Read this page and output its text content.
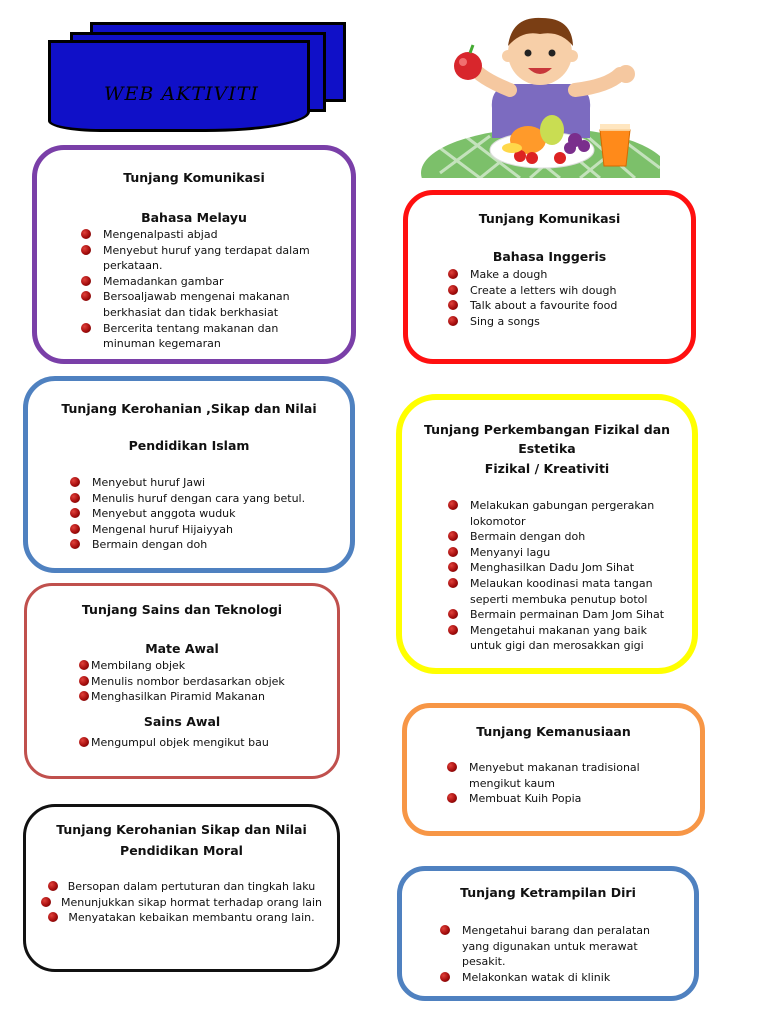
WEB AKTIVITI
Tunjang Komunikasi
Bahasa Melayu
Mengenalpasti abjad
Menyebut huruf yang terdapat dalam perkataan.
Memadankan gambar
Bersoaljawab mengenai makanan berkhasiat dan tidak berkhasiat
Bercerita tentang makanan dan minuman kegemaran
Tunjang Komunikasi
Bahasa Inggeris
Make a dough
Create a letters wih dough
Talk about a favourite food
Sing a songs
Tunjang Kerohanian ,Sikap dan Nilai
Pendidikan Islam
Menyebut huruf Jawi
Menulis huruf dengan cara yang betul.
Menyebut anggota wuduk
Mengenal huruf Hijaiyyah
Bermain dengan doh
Tunjang Perkembangan Fizikal dan
Estetika
Fizikal / Kreativiti
Melakukan gabungan pergerakan lokomotor
Bermain dengan doh
Menyanyi lagu
Menghasilkan Dadu Jom Sihat
Melaukan koodinasi mata tangan seperti membuka penutup botol
Bermain permainan Dam Jom Sihat
Mengetahui makanan yang baik untuk gigi dan merosakkan gigi
Tunjang Sains dan Teknologi
Mate Awal
Membilang objek
Menulis nombor berdasarkan objek
Menghasilkan Piramid Makanan
Sains Awal
Mengumpul objek mengikut bau
Tunjang Kemanusiaan
Menyebut makanan tradisional mengikut kaum
Membuat Kuih Popia
Tunjang Kerohanian Sikap dan Nilai
Pendidikan Moral
Bersopan dalam pertuturan dan tingkah laku
Menunjukkan sikap hormat terhadap orang lain
Menyatakan kebaikan membantu orang lain.
Tunjang Ketrampilan Diri
Mengetahui barang dan peralatan yang digunakan untuk merawat pesakit.
Melakonkan watak di klinik
